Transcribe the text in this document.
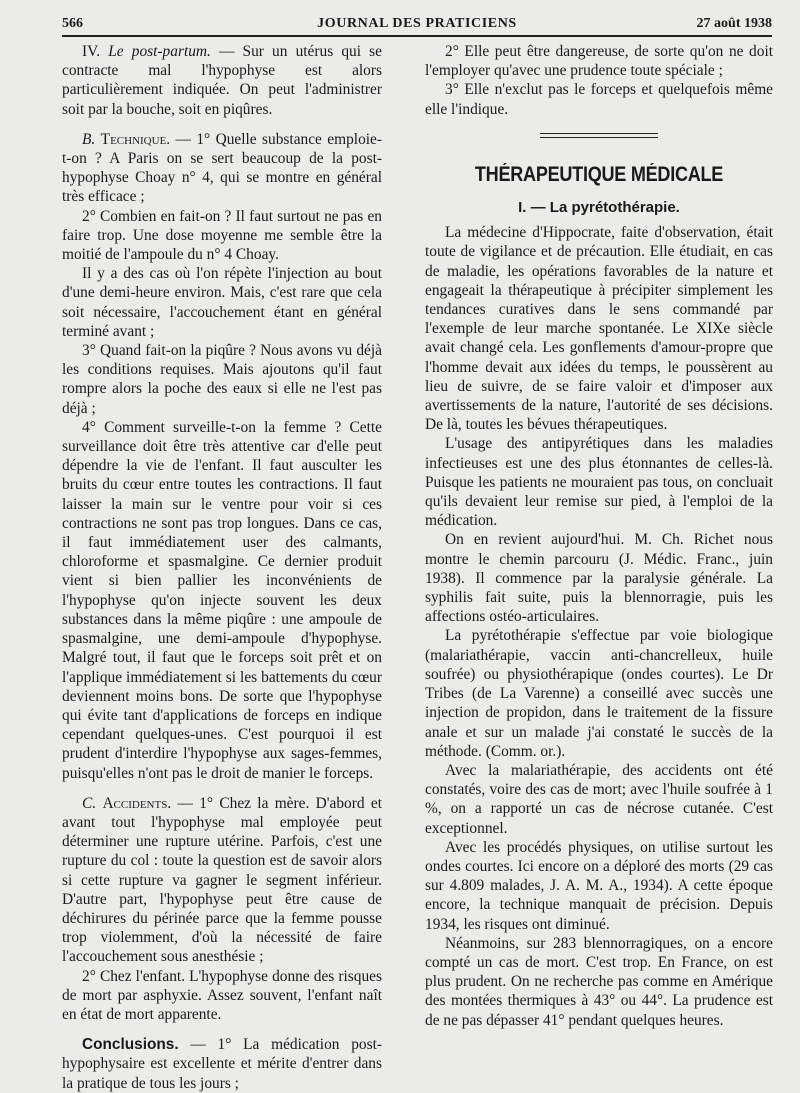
566	JOURNAL DES PRATICIENS	27 août 1938

IV. Le post-partum. — Sur un utérus qui se contracte mal l'hypophyse est alors particulièrement indiquée. On peut l'administrer soit par la bouche, soit en piqûres.

B. Technique. — 1° Quelle substance emploie-t-on ? A Paris on se sert beaucoup de la post-hypophyse Choay n° 4, qui se montre en général très efficace ;

2° Combien en fait-on ? Il faut surtout ne pas en faire trop. Une dose moyenne me semble être la moitié de l'ampoule du n° 4 Choay.

Il y a des cas où l'on répète l'injection au bout d'une demi-heure environ. Mais, c'est rare que cela soit nécessaire, l'accouchement étant en général terminé avant ;

3° Quand fait-on la piqûre ? Nous avons vu déjà les conditions requises. Mais ajoutons qu'il faut rompre alors la poche des eaux si elle ne l'est pas déjà ;

4° Comment surveille-t-on la femme ? Cette surveillance doit être très attentive car d'elle peut dépendre la vie de l'enfant. Il faut ausculter les bruits du cœur entre toutes les contractions. Il faut laisser la main sur le ventre pour voir si ces contractions ne sont pas trop longues. Dans ce cas, il faut immédiatement user des calmants, chloroforme et spasmalgine. Ce dernier produit vient si bien pallier les inconvénients de l'hypophyse qu'on injecte souvent les deux substances dans la même piqûre : une ampoule de spasmalgine, une demi-ampoule d'hypophyse. Malgré tout, il faut que le forceps soit prêt et on l'applique immédiatement si les battements du cœur deviennent moins bons. De sorte que l'hypophyse qui évite tant d'applications de forceps en indique cependant quelques-unes. C'est pourquoi il est prudent d'interdire l'hypophyse aux sages-femmes, puisqu'elles n'ont pas le droit de manier le forceps.

C. Accidents. — 1° Chez la mère. D'abord et avant tout l'hypophyse mal employée peut déterminer une rupture utérine. Parfois, c'est une rupture du col : toute la question est de savoir alors si cette rupture va gagner le segment inférieur. D'autre part, l'hypophyse peut être cause de déchirures du périnée parce que la femme pousse trop violemment, d'où la nécessité de faire l'accouchement sous anesthésie ;

2° Chez l'enfant. L'hypophyse donne des risques de mort par asphyxie. Assez souvent, l'enfant naît en état de mort apparente.

Conclusions. — 1° La médication post-hypophysaire est excellente et mérite d'entrer dans la pratique de tous les jours ;

2° Elle peut être dangereuse, de sorte qu'on ne doit l'employer qu'avec une prudence toute spéciale ;

3° Elle n'exclut pas le forceps et quelquefois même elle l'indique.

THÉRAPEUTIQUE MÉDICALE
I. — La pyrétothérapie.

La médecine d'Hippocrate, faite d'observation, était toute de vigilance et de précaution. Elle étudiait, en cas de maladie, les opérations favorables de la nature et engageait la thérapeutique à précipiter simplement les tendances curatives dans le sens commandé par l'exemple de leur marche spontanée. Le XIXe siècle avait changé cela. Les gonflements d'amour-propre que l'homme devait aux idées du temps, le poussèrent au lieu de suivre, de se faire valoir et d'imposer aux avertissements de la nature, l'autorité de ses décisions. De là, toutes les bévues thérapeutiques.

L'usage des antipyrétiques dans les maladies infectieuses est une des plus étonnantes de celles-là. Puisque les patients ne mouraient pas tous, on concluait qu'ils devaient leur remise sur pied, à l'emploi de la médication.

On en revient aujourd'hui. M. Ch. Richet nous montre le chemin parcouru (J. Médic. Franc., juin 1938). Il commence par la paralysie générale. La syphilis fait suite, puis la blennorragie, puis les affections ostéo-articulaires.

La pyrétothérapie s'effectue par voie biologique (malariathérapie, vaccin anti-chancrelleux, huile soufrée) ou physiothérapique (ondes courtes). Le Dr Tribes (de La Varenne) a conseillé avec succès une injection de propidon, dans le traitement de la fissure anale et sur un malade j'ai constaté le succès de la méthode. (Comm. or.).

Avec la malariathérapie, des accidents ont été constatés, voire des cas de mort; avec l'huile soufrée à 1 %, on a rapporté un cas de nécrose cutanée. C'est exceptionnel.

Avec les procédés physiques, on utilise surtout les ondes courtes. Ici encore on a déploré des morts (29 cas sur 4.809 malades, J. A. M. A., 1934). A cette époque encore, la technique manquait de précision. Depuis 1934, les risques ont diminué.

Néanmoins, sur 283 blennorragiques, on a encore compté un cas de mort. C'est trop. En France, on est plus prudent. On ne recherche pas comme en Amérique des montées thermiques à 43° ou 44°. La prudence est de ne pas dépasser 41° pendant quelques heures.
